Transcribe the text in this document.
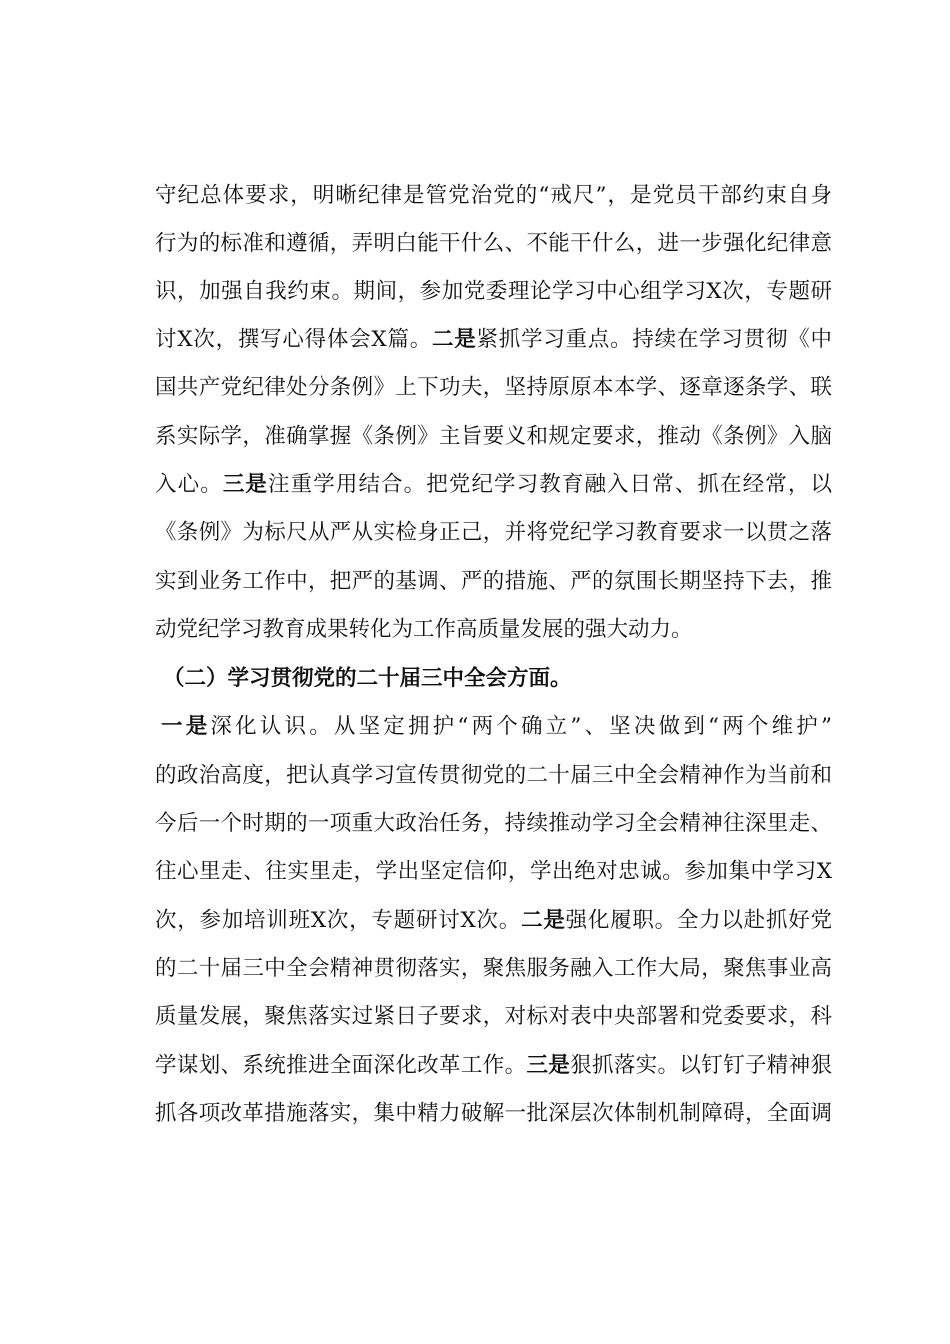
守纪总体要求，明晰纪律是管党治党的“戒尺”，是党员干部约束自身
行为的标准和遵循，弄明白能干什么、不能干什么，进一步强化纪律意
识，加强自我约束。期间，参加党委理论学习中心组学习X次，专题研
讨X次，撰写心得体会X篇。二是紧抓学习重点。持续在学习贯彻《中
国共产党纪律处分条例》上下功夫，坚持原原本本学、逐章逐条学、联
系实际学，准确掌握《条例》主旨要义和规定要求，推动《条例》入脑
入心。三是注重学用结合。把党纪学习教育融入日常、抓在经常，以
《条例》为标尺从严从实检身正己，并将党纪学习教育要求一以贯之落
实到业务工作中，把严的基调、严的措施、严的氛围长期坚持下去，推
动党纪学习教育成果转化为工作高质量发展的强大动力。
（二）学习贯彻党的二十届三中全会方面。
一是深化认识。从坚定拥护“两个确立”、坚决做到“两个维护”
的政治高度，把认真学习宣传贯彻党的二十届三中全会精神作为当前和
今后一个时期的一项重大政治任务，持续推动学习全会精神往深里走、
往心里走、往实里走，学出坚定信仰，学出绝对忠诚。参加集中学习X
次，参加培训班X次，专题研讨X次。二是强化履职。全力以赴抓好党
的二十届三中全会精神贯彻落实，聚焦服务融入工作大局，聚焦事业高
质量发展，聚焦落实过紧日子要求，对标对表中央部署和党委要求，科
学谋划、系统推进全面深化改革工作。三是狠抓落实。以钉钉子精神狠
抓各项改革措施落实，集中精力破解一批深层次体制机制障碍，全面调
